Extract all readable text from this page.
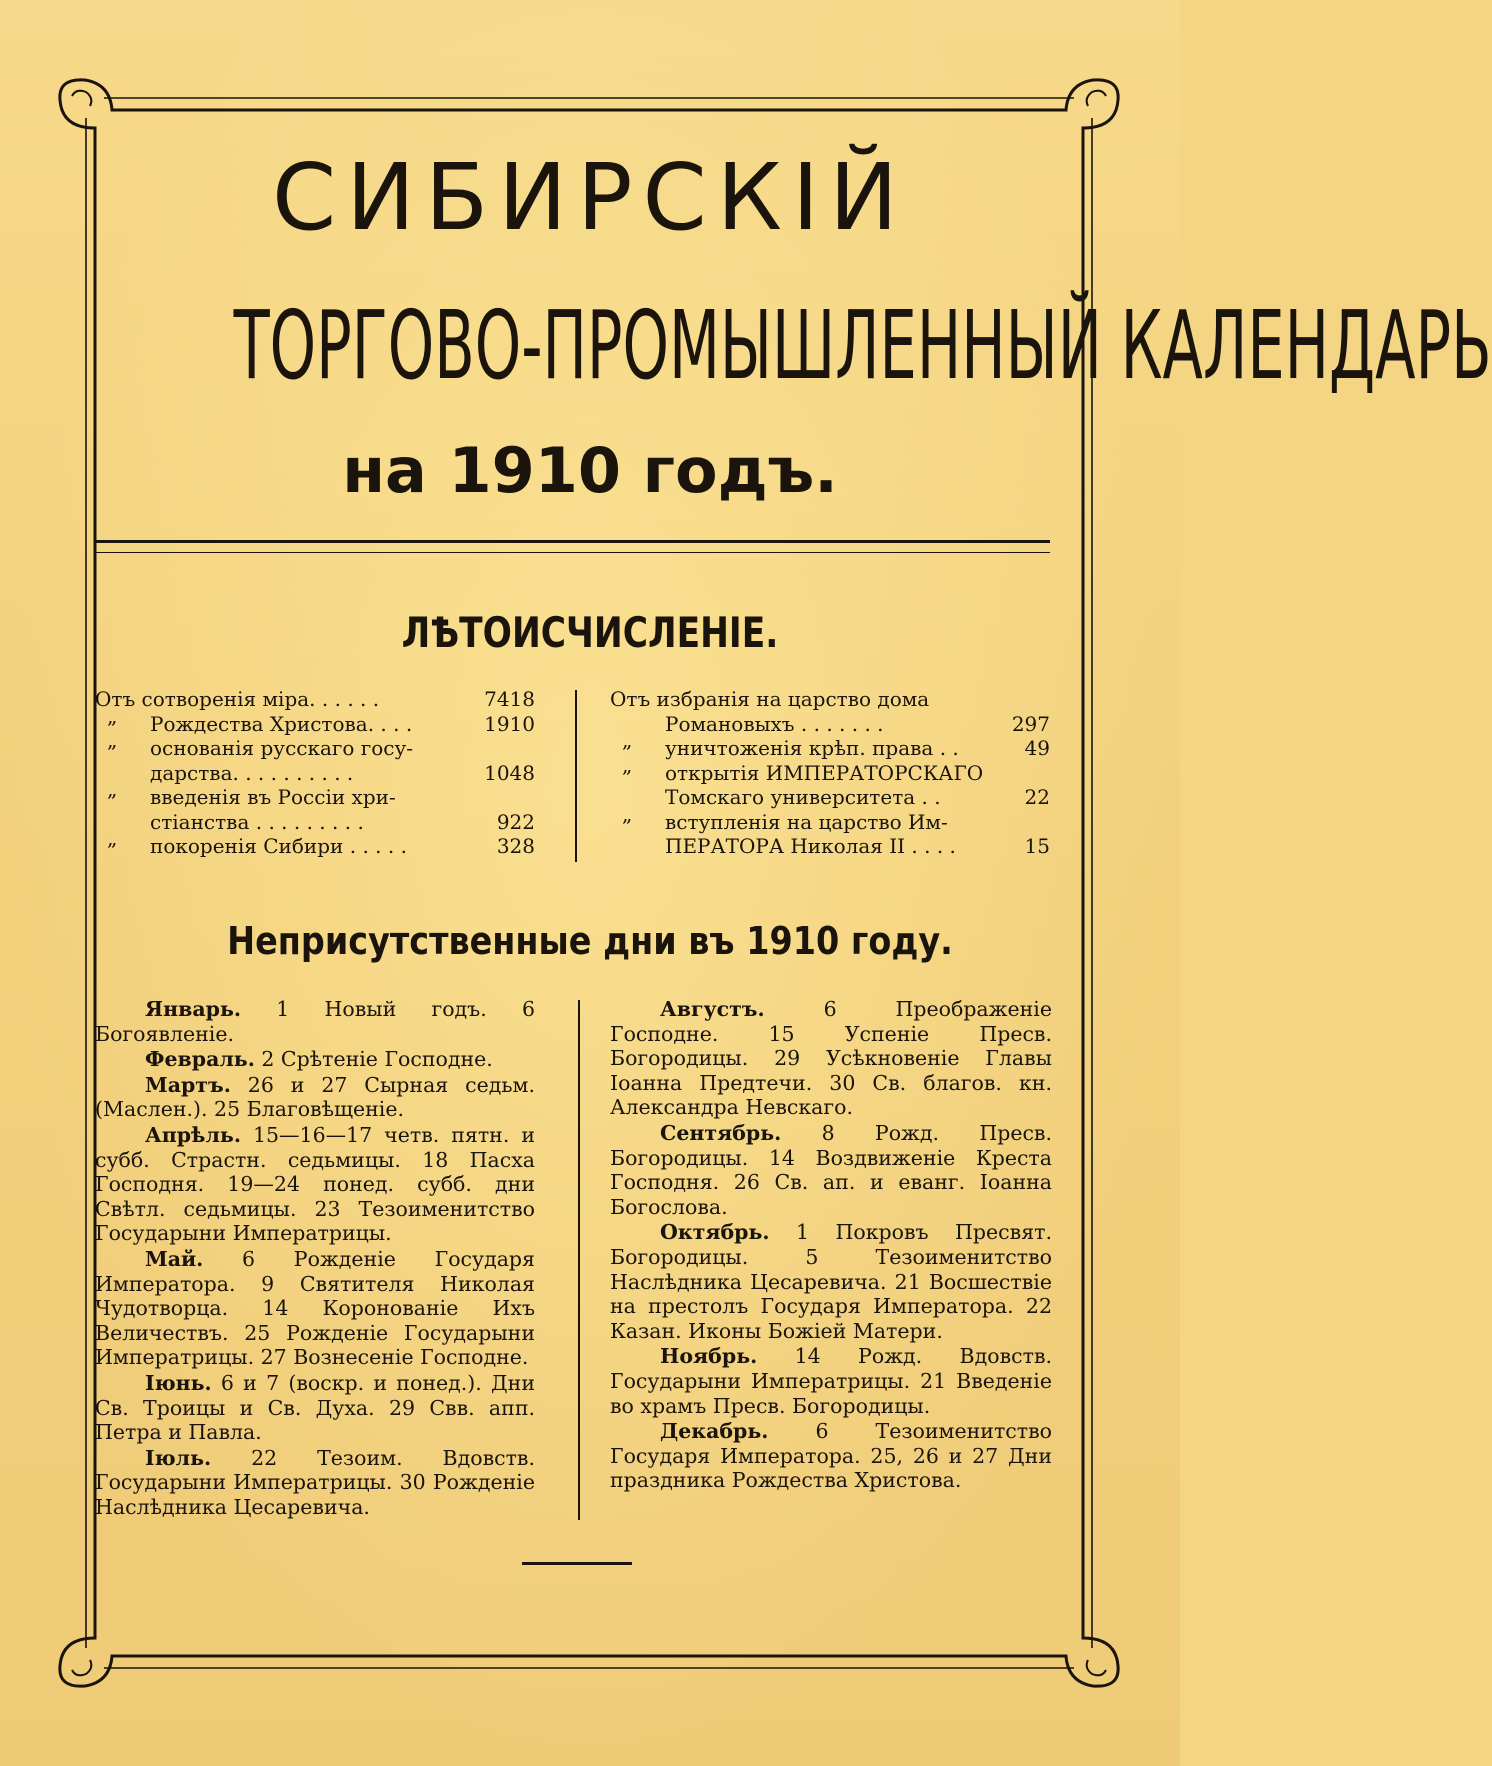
СИБИРСКІЙ
ТОРГОВО-ПРОМЫШЛЕННЫЙ КАЛЕНДАРЬ
на 1910 годъ.
ЛѢТОИСЧИСЛЕНІЕ.
Отъ сотворенія міра. . . . . .	7418
„ Рождества Христова. . . .	1910
„ основанія русскаго госу-
дарства. . . . . . . . . .	1048
„ введенія въ Россіи хри-
стіанства . . . . . . . . .	922
„ покоренія Сибири . . . . .	328
Отъ избранія на царство дома
Романовыхъ . . . . . . .	297
„ уничтоженія крѣп. права . .	49
„ открытія ИМПЕРАТОРСКАГО
Томскаго университета . .	22
„ вступленія на царство Им-
ПЕРАТОРА Николая II . . . .	15
Неприсутственные дни въ 1910 году.

Январь. 1 Новый годъ. 6 Богоявленіе.

Февраль. 2 Срѣтеніе Господне.

Мартъ. 26 и 27 Сырная седьм. (Маслен.). 25 Благовѣщеніе.

Апрѣль. 15—16—17 четв. пятн. и субб. Страстн. седьмицы. 18 Пасха Господня. 19—24 понед. субб. дни Свѣтл. седьмицы. 23 Тезоименитство Государыни Императрицы.

Май. 6 Рожденіе Государя Императора. 9 Святителя Николая Чудотворца. 14 Коронованіе Ихъ Величествъ. 25 Рожденіе Государыни Императрицы. 27 Вознесеніе Господне.

Іюнь. 6 и 7 (воскр. и понед.). Дни Св. Троицы и Св. Духа. 29 Свв. апп. Петра и Павла.

Іюль. 22 Тезоим. Вдовств. Государыни Императрицы. 30 Рожденіе Наслѣдника Цесаревича.

Августъ. 6 Преображеніе Господне. 15 Успеніе Пресв. Богородицы. 29 Усѣкновеніе Главы Іоанна Предтечи. 30 Св. благов. кн. Александра Невскаго.

Сентябрь. 8 Рожд. Пресв. Богородицы. 14 Воздвиженіе Креста Господня. 26 Св. ап. и еванг. Іоанна Богослова.

Октябрь. 1 Покровъ Пресвят. Богородицы. 5 Тезоименитство Наслѣдника Цесаревича. 21 Восшествіе на престолъ Государя Императора. 22 Казан. Иконы Божіей Матери.

Ноябрь. 14 Рожд. Вдовств. Государыни Императрицы. 21 Введеніе во храмъ Пресв. Богородицы.

Декабрь. 6 Тезоименитство Государя Императора. 25, 26 и 27 Дни праздника Рождества Христова.
